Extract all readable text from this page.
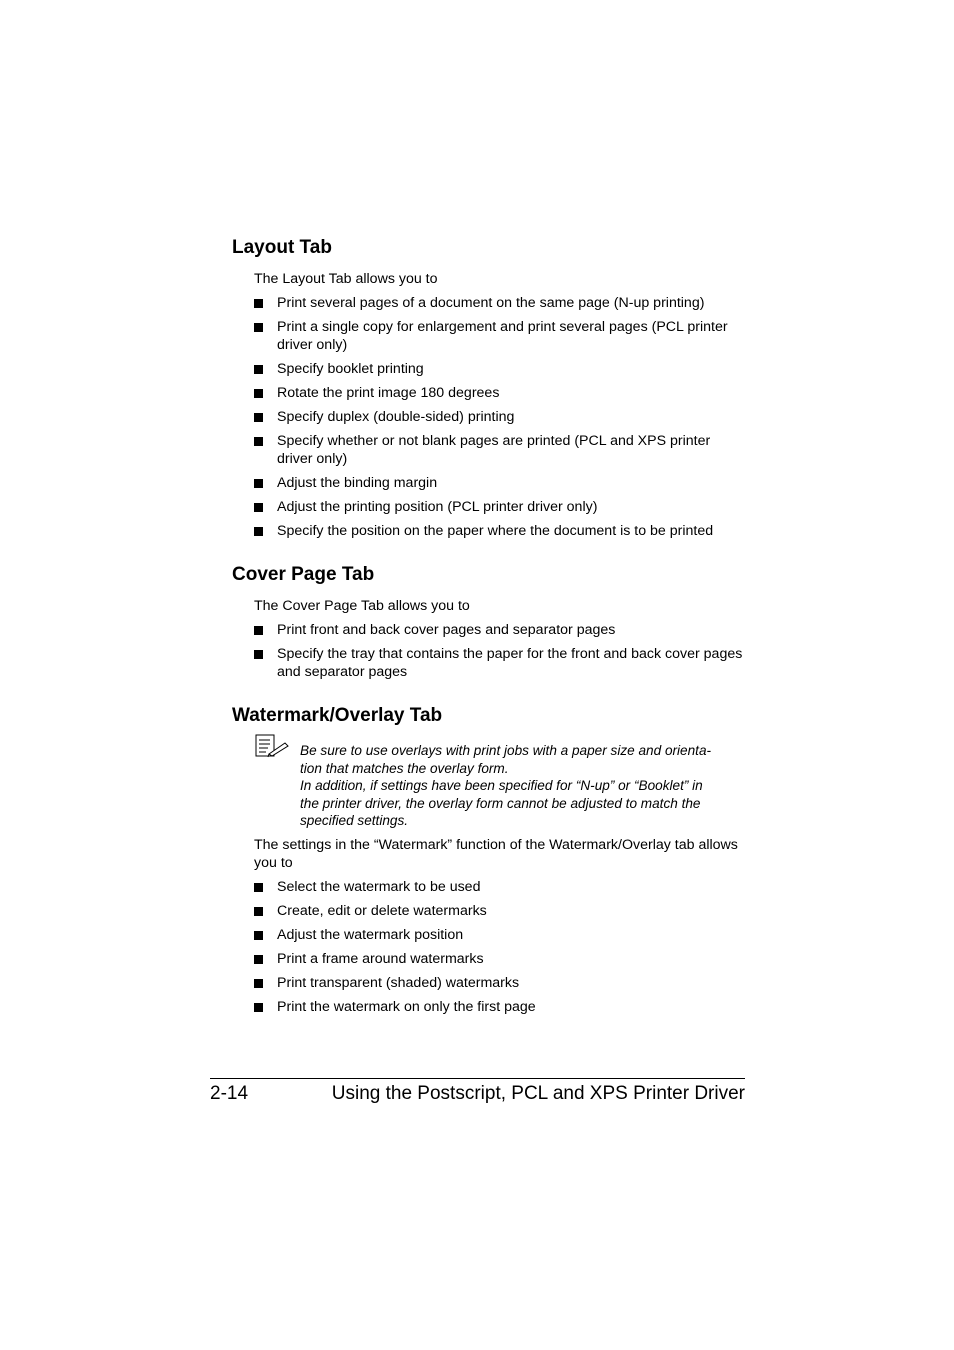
Layout Tab
The Layout Tab allows you to
Print several pages of a document on the same page (N-up printing)
Print a single copy for enlargement and print several pages (PCL printer driver only)
Specify booklet printing
Rotate the print image 180 degrees
Specify duplex (double-sided) printing
Specify whether or not blank pages are printed (PCL and XPS printer driver only)
Adjust the binding margin
Adjust the printing position (PCL printer driver only)
Specify the position on the paper where the document is to be printed
Cover Page Tab
The Cover Page Tab allows you to
Print front and back cover pages and separator pages
Specify the tray that contains the paper for the front and back cover pages and separator pages
Watermark/Overlay Tab
Be sure to use overlays with print jobs with a paper size and orienta-
tion that matches the overlay form.
In addition, if settings have been specified for “N-up” or “Booklet” in
the printer driver, the overlay form cannot be adjusted to match the
specified settings.
The settings in the “Watermark” function of the Watermark/Overlay tab allows you to
Select the watermark to be used
Create, edit or delete watermarks
Adjust the watermark position
Print a frame around watermarks
Print transparent (shaded) watermarks
Print the watermark on only the first page
2-14	Using the Postscript, PCL and XPS Printer Driver
